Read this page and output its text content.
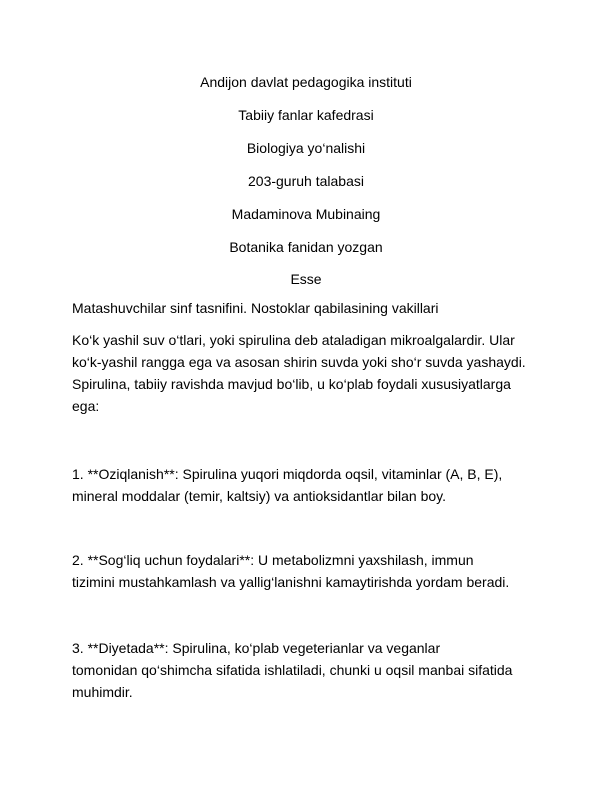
Andijon davlat pedagogika instituti
Tabiiy fanlar kafedrasi
Biologiya yo‘nalishi
203-guruh talabasi
Madaminova Mubinaing
Botanika fanidan yozgan
Esse
Matashuvchilar sinf tasnifini. Nostoklar qabilasining vakillari
Ko‘k yashil suv o‘tlari, yoki spirulina deb ataladigan mikroalgalardir. Ular
ko‘k-yashil rangga ega va asosan shirin suvda yoki sho‘r suvda yashaydi.
Spirulina, tabiiy ravishda mavjud bo‘lib, u ko‘plab foydali xususiyatlarga
ega:
1. **Oziqlanish**: Spirulina yuqori miqdorda oqsil, vitaminlar (A, B, E),
mineral moddalar (temir, kaltsiy) va antioksidantlar bilan boy.
2. **Sog‘liq uchun foydalari**: U metabolizmni yaxshilash, immun
tizimini mustahkamlash va yallig‘lanishni kamaytirishda yordam beradi.
3. **Diyetada**: Spirulina, ko‘plab vegeterianlar va veganlar
tomonidan qo‘shimcha sifatida ishlatiladi, chunki u oqsil manbai sifatida
muhimdir.
